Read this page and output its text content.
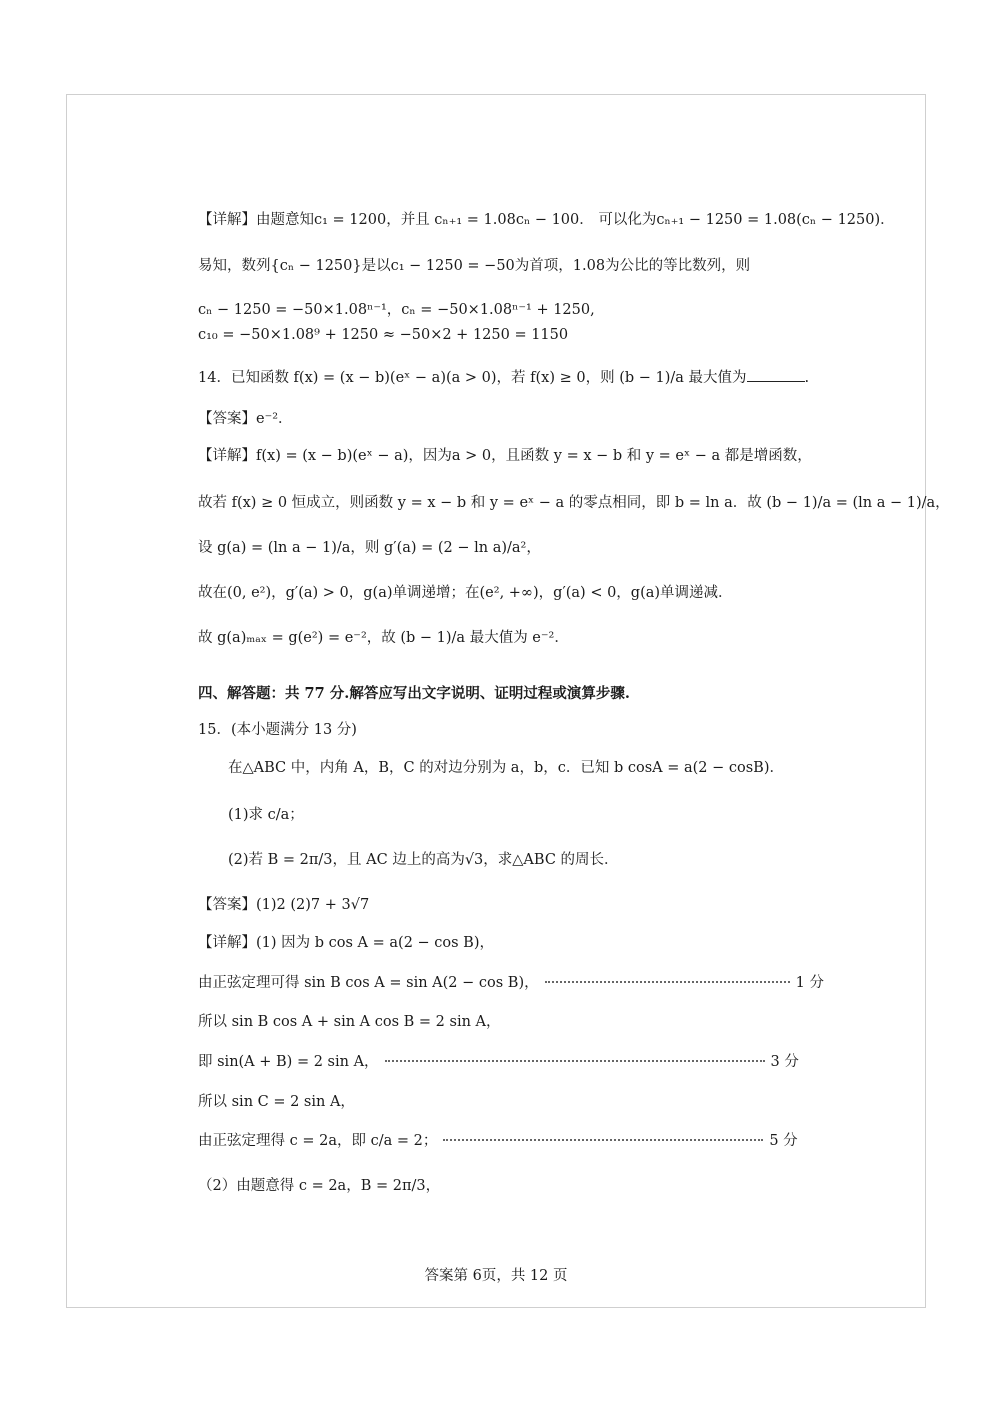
【详解】由题意知c₁ = 1200，并且 cₙ₊₁ = 1.08cₙ − 100． 可以化为cₙ₊₁ − 1250 = 1.08(cₙ − 1250)．
易知，数列{cₙ − 1250}是以c₁ − 1250 = −50为首项，1.08为公比的等比数列，则
cₙ − 1250 = −50×1.08ⁿ⁻¹，cₙ = −50×1.08ⁿ⁻¹ + 1250,
c₁₀ = −50×1.08⁹ + 1250 ≈ −50×2 + 1250 = 1150
14．已知函数 f(x) = (x − b)(eˣ − a)(a > 0)，若 f(x) ≥ 0，则 (b − 1)/a 最大值为	.
【答案】e⁻²．
【详解】f(x) = (x − b)(eˣ − a)，因为a > 0，且函数 y = x − b 和 y = eˣ − a 都是增函数，
故若 f(x) ≥ 0 恒成立，则函数 y = x − b 和 y = eˣ − a 的零点相同，即 b = ln a．故 (b − 1)/a = (ln a − 1)/a，
设 g(a) = (ln a − 1)/a，则 g′(a) = (2 − ln a)/a²，
故在(0, e²)，g′(a) > 0，g(a)单调递增；在(e², +∞)，g′(a) < 0，g(a)单调递减．
故 g(a)ₘₐₓ = g(e²) = e⁻²，故 (b − 1)/a 最大值为 e⁻²．
四、解答题：共 77 分.解答应写出文字说明、证明过程或演算步骤.
15．(本小题满分 13 分)
在△ABC 中，内角 A，B，C 的对边分别为 a，b，c．已知 b cosA = a(2 − cosB)．
(1)求 c/a；
(2)若 B = 2π/3，且 AC 边上的高为√3，求△ABC 的周长．
【答案】(1)2 (2)7 + 3√7
【详解】(1) 因为 b cos A = a(2 − cos B)，
由正弦定理可得 sin B cos A = sin A(2 − cos B)，	1 分
所以 sin B cos A + sin A cos B = 2 sin A，
即 sin(A + B) = 2 sin A，	3 分
所以 sin C = 2 sin A，
由正弦定理得 c = 2a，即 c/a = 2；	5 分
（2）由题意得 c = 2a，B = 2π/3，
答案第 6页，共 12 页
